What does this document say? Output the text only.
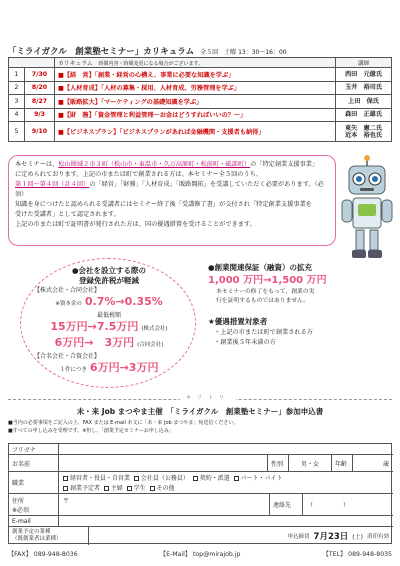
「ミライガクル　創業塾セミナー」カリキュラム 全５回 土曜 13：30～16：00
		カリキュラム　 時間内容・時間変更になる場合がございます。	講師
1	7/30	■【経　営】「創業・経営の心構え、事業に必要な知識を学ぶ」	西田　元億氏

2	8/20	■【人材育成】「人材の募集・採用、人材育成、労務管理を学ぶ」	玉井　裕司氏

3	8/27	■【販路拡大】「マーケティングの基礎知識を学ぶ」	上田　保氏

4	9/3	■【財　務】「資金管理と利益管理～お金はどうすればいいの？～」	森田　正雄氏

5	9/10	■【ビジネスプラン】「ビジネスプランがあれば金融機関・支援者も納得」	東矢　憲二氏
近本　裕也氏
本セミナーは、松山圏域２市３町（松山市・東温市・久万高原町・松前町・砥部町）の「特定創業支援事業」
に定められております。上記の市または町で創業される方は、本セミナー全５回のうち、
第１回～第４回（計４回）の「経営」「財務」「人材育成」「販路開拓」を受講していただく必要があります。（必須）
知識を身につけたと認められる受講者にはセミナー終了後「受講修了書」が交付され「特定創業支援事業を
受けた受講者」として認定されます。
上記の市または町で証明書が発行された方は、国の優遇措置を受けることができます。
●会社を設立する際の
登録免許税が軽減
【株式会社・合同会社】
※資本金の 0.7%→0.35%
最低税額
15万円→7.5万円 (株式会社)
6万円→　3万円 (合同会社)
【合名会社・合資会社】
１件につき 6万円→3万円
●創業関連保証（融資）の拡充
1,000 万円→1,500 万円
本セミナーの修了をもって、創業の実行を証明するものではありません。
★優遇措置対象者
・上記の市または町で創業される方
・創業後５年未満の方
キリトリ
未・来 Job まつやま主催　「ミライガクル　創業塾セミナー」参加申込書
■当内の必要事項をご記入の上、FAX または E-mail 本文に「未・来 Job まつやま」宛送信ください。
■すべての申し込みを受理です。※但し、「創業予定セミナーお申し込み」
フリガナ
お名前	性別	男・女	年齢	歳
職業
経営者・役員・自営業 会社員（公務員） 契約・派遣 パート・バイト
創業予定者 主婦 学生 その他
住所
※必須
〒
連絡先	（　　　　　）
E-mail
創業予定の業種
（既創業者は業種）	申込締切 7月23日 (土) 消印有効
【FAX】 089-948-8036	【E-Mail】 top@mirajob.jp	【TEL】 089-948-8035
